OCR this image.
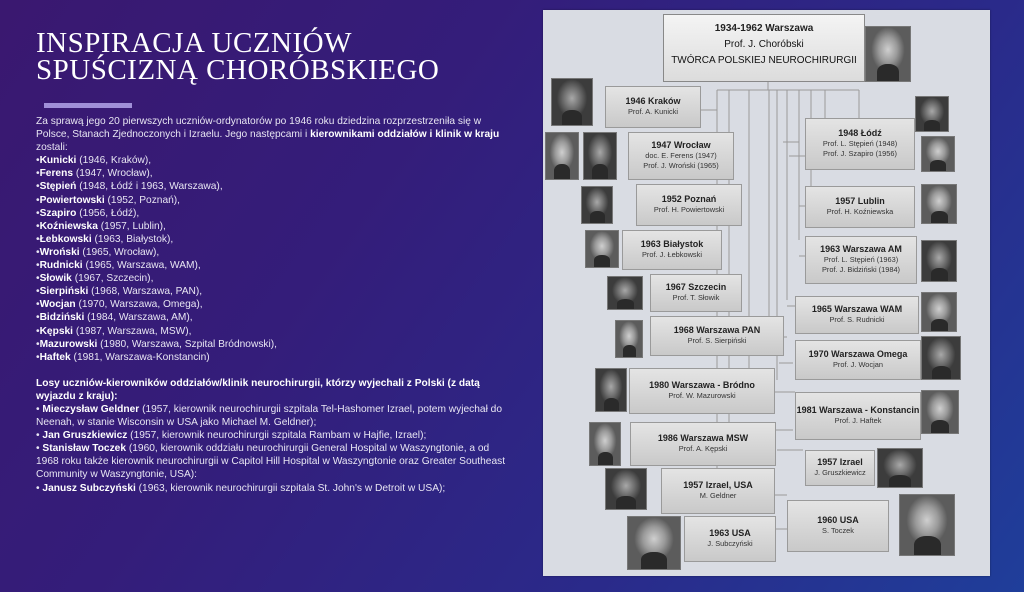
INSPIRACJA UCZNIÓW
SPUŚCIZNĄ CHORÓBSKIEGO

Za sprawą jego 20 pierwszych uczniów-ordynatorów po 1946 roku dziedzina rozprzestrzeniła się w Polsce, Stanach Zjednoczonych i Izraelu. Jego następcami i kierownikami oddziałów i klinik w kraju zostali:

•Kunicki (1946, Kraków),
•Ferens (1947, Wrocław),
•Stępień (1948, Łódź i 1963, Warszawa),
•Powiertowski (1952, Poznań),
•Szapiro (1956, Łódź),
•Koźniewska (1957, Lublin),
•Łebkowski (1963, Białystok),
•Wroński (1965, Wrocław),
•Rudnicki (1965, Warszawa, WAM),
•Słowik (1967, Szczecin),
•Sierpiński (1968, Warszawa, PAN),
•Wocjan (1970, Warszawa, Omega),
•Bidziński (1984, Warszawa, AM),
•Kępski (1987, Warszawa, MSW),
•Mazurowski (1980, Warszawa, Szpital Bródnowski),
•Haftek (1981, Warszawa-Konstancin)

Losy uczniów-kierowników oddziałów/klinik neurochirurgii, którzy wyjechali z Polski (z datą wyjazdu z kraju):

• Mieczysław Geldner (1957, kierownik neurochirurgii szpitala Tel-Hashomer Izrael, potem wyjechał do Neenah, w stanie Wisconsin w USA jako Michael M. Geldner);

• Jan Gruszkiewicz (1957, kierownik neurochirurgii szpitala Rambam w Hajfie, Izrael);

• Stanisław Toczek (1960, kierownik oddziału neurochirurgii General Hospital w Waszyngtonie, a od 1968 roku także kierownik neurochirurgii w Capitol Hill Hospital w Waszyngtonie oraz Greater Southeast Community w Waszyngtonie, USA):

• Janusz Subczyński (1963, kierownik neurochirurgii szpitala St. John's w Detroit w USA);

1934-1962 Warszawa
Prof. J. Choróbski
TWÓRCA POLSKIEJ NEUROCHIRURGII
1946 Kraków
Prof. A. Kunicki
1947 Wrocław
doc. E. Ferens (1947)
Prof. J. Wroński (1965)
1952 Poznań
Prof. H. Powiertowski
1963 Białystok
Prof. J. Łebkowski
1967 Szczecin
Prof. T. Słowik
1968 Warszawa PAN
Prof. S. Sierpiński
1980 Warszawa - Bródno
Prof. W. Mazurowski
1986 Warszawa MSW
Prof. A. Kępski
1957 Izrael, USA
M. Geldner
1963 USA
J. Subczyński
1948 Łódź
Prof. L. Stępień (1948)
Prof. J. Szapiro (1956)
1957 Lublin
Prof. H. Koźniewska
1963 Warszawa AM
Prof. L. Stępień (1963)
Prof. J. Bidziński (1984)
1965 Warszawa WAM
Prof. S. Rudnicki
1970 Warszawa Omega
Prof. J. Wocjan
1981 Warszawa - Konstancin
Prof. J. Haftek
1957 Izrael
J. Gruszkiewicz
1960 USA
S. Toczek
